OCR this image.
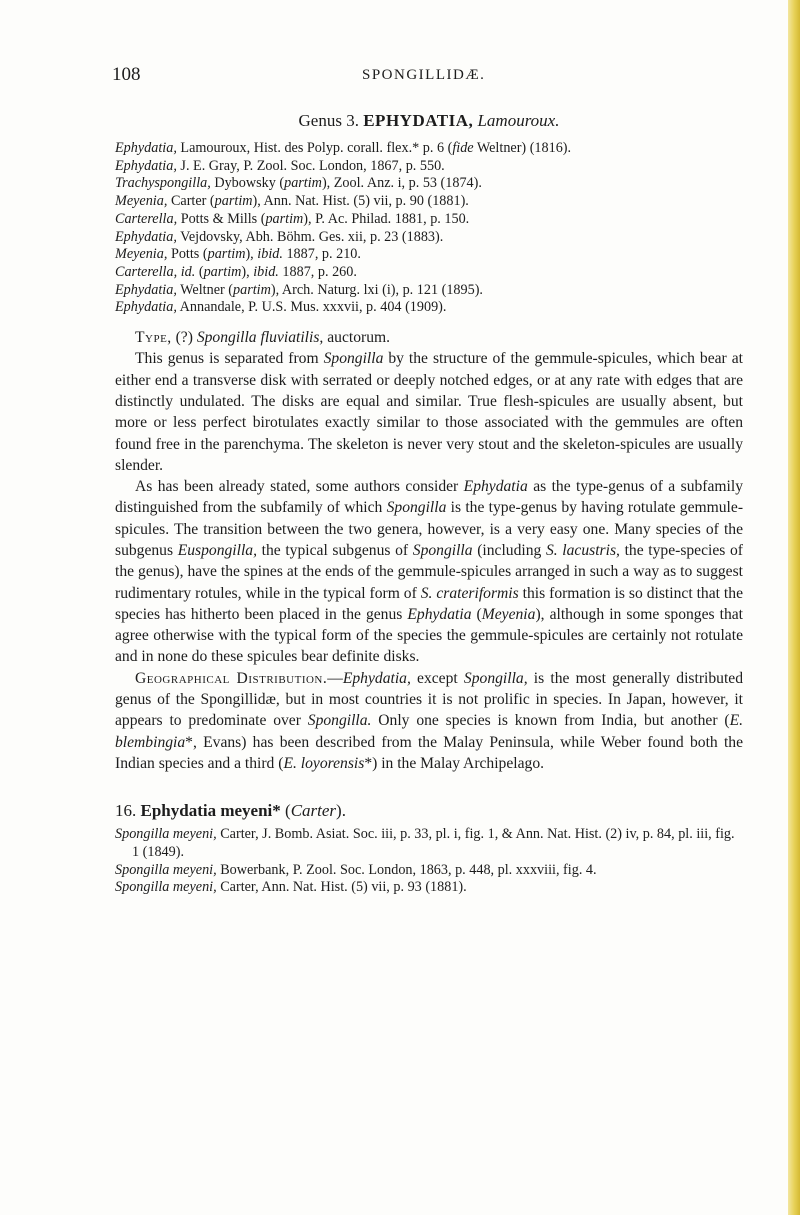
108	SPONGILLIDÆ.
Genus 3. EPHYDATIA, Lamouroux.

Ephydatia, Lamouroux, Hist. des Polyp. corall. flex.* p. 6 (fide Weltner) (1816).

Ephydatia, J. E. Gray, P. Zool. Soc. London, 1867, p. 550.

Trachyspongilla, Dybowsky (partim), Zool. Anz. i, p. 53 (1874).

Meyenia, Carter (partim), Ann. Nat. Hist. (5) vii, p. 90 (1881).

Carterella, Potts & Mills (partim), P. Ac. Philad. 1881, p. 150.

Ephydatia, Vejdovsky, Abh. Böhm. Ges. xii, p. 23 (1883).

Meyenia, Potts (partim), ibid. 1887, p. 210.

Carterella, id. (partim), ibid. 1887, p. 260.

Ephydatia, Weltner (partim), Arch. Naturg. lxi (i), p. 121 (1895).

Ephydatia, Annandale, P. U.S. Mus. xxxvii, p. 404 (1909).

Type, (?) Spongilla fluviatilis, auctorum.

This genus is separated from Spongilla by the structure of the gemmule-spicules, which bear at either end a transverse disk with serrated or deeply notched edges, or at any rate with edges that are distinctly undulated. The disks are equal and similar. True flesh-spicules are usually absent, but more or less perfect birotulates exactly similar to those associated with the gemmules are often found free in the parenchyma. The skeleton is never very stout and the skeleton-spicules are usually slender.

As has been already stated, some authors consider Ephydatia as the type-genus of a subfamily distinguished from the subfamily of which Spongilla is the type-genus by having rotulate gemmule-spicules. The transition between the two genera, however, is a very easy one. Many species of the subgenus Euspongilla, the typical subgenus of Spongilla (including S. lacustris, the type-species of the genus), have the spines at the ends of the gemmule-spicules arranged in such a way as to suggest rudimentary rotules, while in the typical form of S. crateriformis this formation is so distinct that the species has hitherto been placed in the genus Ephydatia (Meyenia), although in some sponges that agree otherwise with the typical form of the species the gemmule-spicules are certainly not rotulate and in none do these spicules bear definite disks.

Geographical Distribution.—Ephydatia, except Spongilla, is the most generally distributed genus of the Spongillidæ, but in most countries it is not prolific in species. In Japan, however, it appears to predominate over Spongilla. Only one species is known from India, but another (E. blembingia*, Evans) has been described from the Malay Peninsula, while Weber found both the Indian species and a third (E. loyorensis*) in the Malay Archipelago.

16. Ephydatia meyeni* (Carter).

Spongilla meyeni, Carter, J. Bomb. Asiat. Soc. iii, p. 33, pl. i, fig. 1, & Ann. Nat. Hist. (2) iv, p. 84, pl. iii, fig. 1 (1849).

Spongilla meyeni, Bowerbank, P. Zool. Soc. London, 1863, p. 448, pl. xxxviii, fig. 4.

Spongilla meyeni, Carter, Ann. Nat. Hist. (5) vii, p. 93 (1881).
